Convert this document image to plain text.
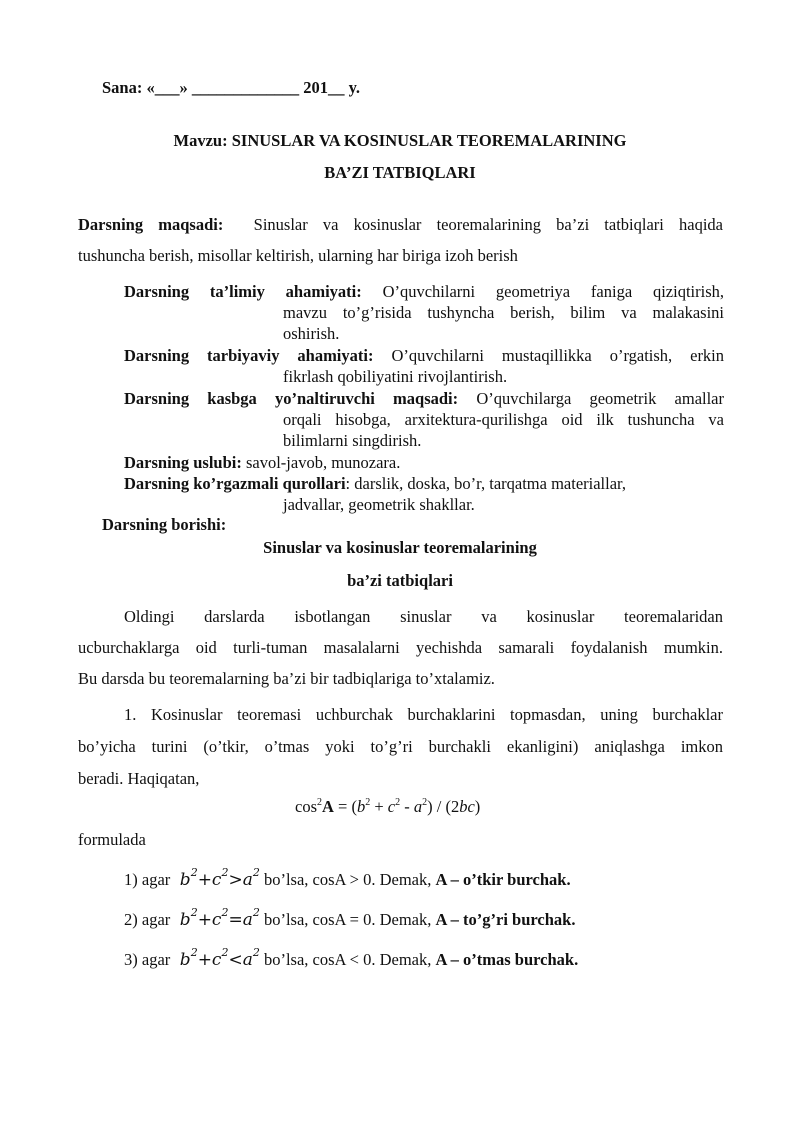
Sana: «___» _____________ 201__ y.
Mavzu: SINUSLAR VA KOSINUSLAR TEOREMALARINING
BA’ZI TATBIQLARI
Darsning maqsadi: Sinuslar va kosinuslar teoremalarining ba’zi tatbiqlari haqida
tushuncha berish, misollar keltirish, ularning har biriga izoh berish
Darsning ta’limiy ahamiyati: O’quvchilarni geometriya faniga qiziqtirish,
mavzu to’g’risida tushyncha berish, bilim va malakasini
oshirish.
Darsning tarbiyaviy ahamiyati: O’quvchilarni mustaqillikka o’rgatish, erkin
fikrlash qobiliyatini rivojlantirish.
Darsning kasbga yo’naltiruvchi maqsadi: O’quvchilarga geometrik amallar
orqali hisobga, arxitektura-qurilishga oid ilk tushuncha va
bilimlarni singdirish.
Darsning uslubi: savol-javob, munozara.
Darsning ko’rgazmali qurollari: darslik, doska, bo’r, tarqatma materiallar,
jadvallar, geometrik shakllar.
Darsning borishi:
Sinuslar va kosinuslar teoremalarining
ba’zi tatbiqlari
Oldingi darslarda isbotlangan sinuslar va kosinuslar teoremalaridan
ucburchaklarga oid turli-tuman masalalarni yechishda samarali foydalanish mumkin.
Bu darsda bu teoremalarning ba’zi bir tadbiqlariga to’xtalamiz.
1. Kosinuslar teoremasi uchburchak burchaklarini topmasdan, uning burchaklar
bo’yicha turini (o’tkir, o’tmas yoki to’g’ri burchakli ekanligini) aniqlashga imkon
beradi. Haqiqatan,
$\cos^2A = (b^2 + c^2 - a^2) / (2bc)$
formulada
1) agar  $b^2+c^2>a^2$ bo’lsa, cosA > 0. Demak, A – o’tkir burchak.
2) agar  $b^2+c^2=a^2$ bo’lsa, cosA = 0. Demak, A – to’g’ri burchak.
3) agar  $b^2+c^2<a^2$ bo’lsa, cosA < 0. Demak, A – o’tmas burchak.
